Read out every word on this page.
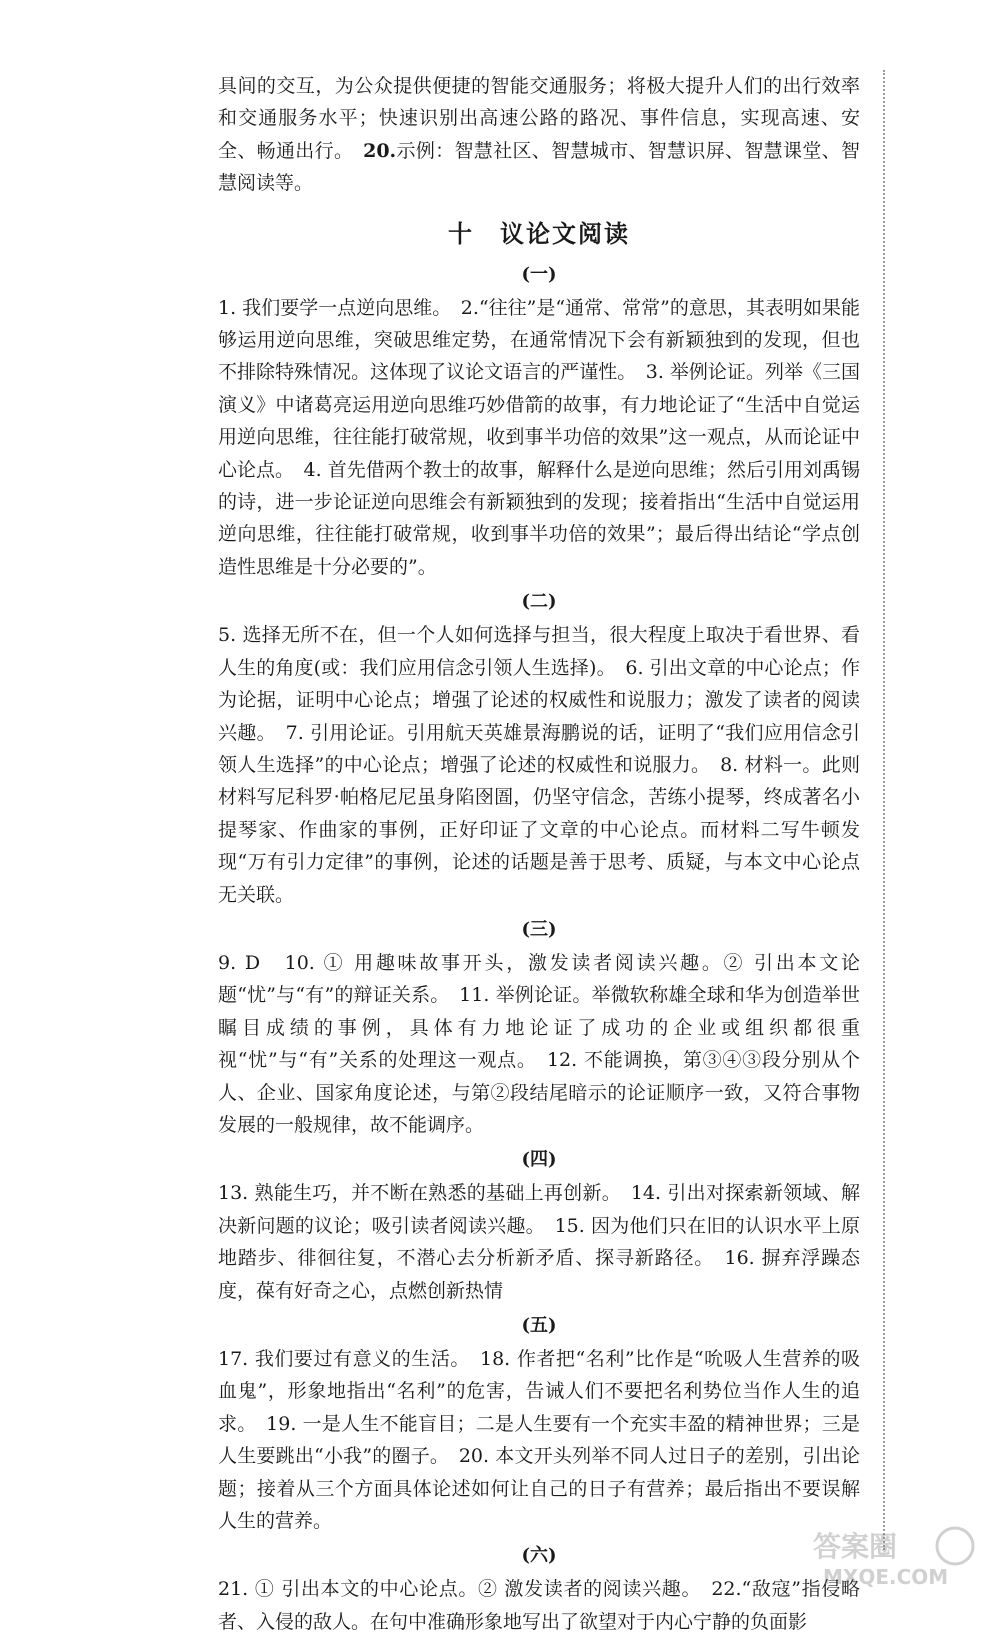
具间的交互，为公众提供便捷的智能交通服务；将极大提升人们的出行效率和交通服务水平；快速识别出高速公路的路况、事件信息，实现高速、安全、畅通出行。　 20.示例：智慧社区、智慧城市、智慧识屏、智慧课堂、智慧阅读等。

十　议论文阅读
(一)

1. 我们要学一点逆向思维。　2.“往往”是“通常、常常”的意思，其表明如果能够运用逆向思维，突破思维定势，在通常情况下会有新颖独到的发现，但也不排除特殊情况。这体现了议论文语言的严谨性。　3. 举例论证。列举《三国演义》中诸葛亮运用逆向思维巧妙借箭的故事，有力地论证了“生活中自觉运用逆向思维，往往能打破常规，收到事半功倍的效果”这一观点，从而论证中心论点。　4. 首先借两个教士的故事，解释什么是逆向思维；然后引用刘禹锡的诗，进一步论证逆向思维会有新颖独到的发现；接着指出“生活中自觉运用逆向思维，往往能打破常规，收到事半功倍的效果”；最后得出结论“学点创造性思维是十分必要的”。

(二)

5. 选择无所不在，但一个人如何选择与担当，很大程度上取决于看世界、看人生的角度(或：我们应用信念引领人生选择)。　6. 引出文章的中心论点；作为论据，证明中心论点；增强了论述的权威性和说服力；激发了读者的阅读兴趣。　7. 引用论证。引用航天英雄景海鹏说的话，证明了“我们应用信念引领人生选择”的中心论点；增强了论述的权威性和说服力。　8. 材料一。此则材料写尼科罗·帕格尼尼虽身陷囹圄，仍坚守信念，苦练小提琴，终成著名小提琴家、作曲家的事例，正好印证了文章的中心论点。而材料二写牛顿发现“万有引力定律”的事例，论述的话题是善于思考、质疑，与本文中心论点无关联。

(三)

9. D　10. ① 用趣味故事开头，激发读者阅读兴趣。② 引出本文论题“忧”与“有”的辩证关系。　11. 举例论证。举微软称雄全球和华为创造举世瞩目成绩的事例，具体有力地论证了成功的企业或组织都很重视“忧”与“有”关系的处理这一观点。　12. 不能调换，第③④③段分别从个人、企业、国家角度论述，与第②段结尾暗示的论证顺序一致，又符合事物发展的一般规律，故不能调序。

(四)

13. 熟能生巧，并不断在熟悉的基础上再创新。　14. 引出对探索新领域、解决新问题的议论；吸引读者阅读兴趣。　15. 因为他们只在旧的认识水平上原地踏步、徘徊往复，不潜心去分析新矛盾、探寻新路径。　16. 摒弃浮躁态度，葆有好奇之心，点燃创新热情

(五)

17. 我们要过有意义的生活。　18. 作者把“名利”比作是“吮吸人生营养的吸血鬼”，形象地指出“名利”的危害，告诫人们不要把名利势位当作人生的追求。　19. 一是人生不能盲目；二是人生要有一个充实丰盈的精神世界；三是人生要跳出“小我”的圈子。　20. 本文开头列举不同人过日子的差别，引出论题；接着从三个方面具体论述如何让自己的日子有营养；最后指出不要误解人生的营养。

(六)

21. ① 引出本文的中心论点。② 激发读者的阅读兴趣。　22.“敌寇”指侵略者、入侵的敌人。在句中准确形象地写出了欲望对于内心宁静的负面影

答案圈
MXQE.COM
